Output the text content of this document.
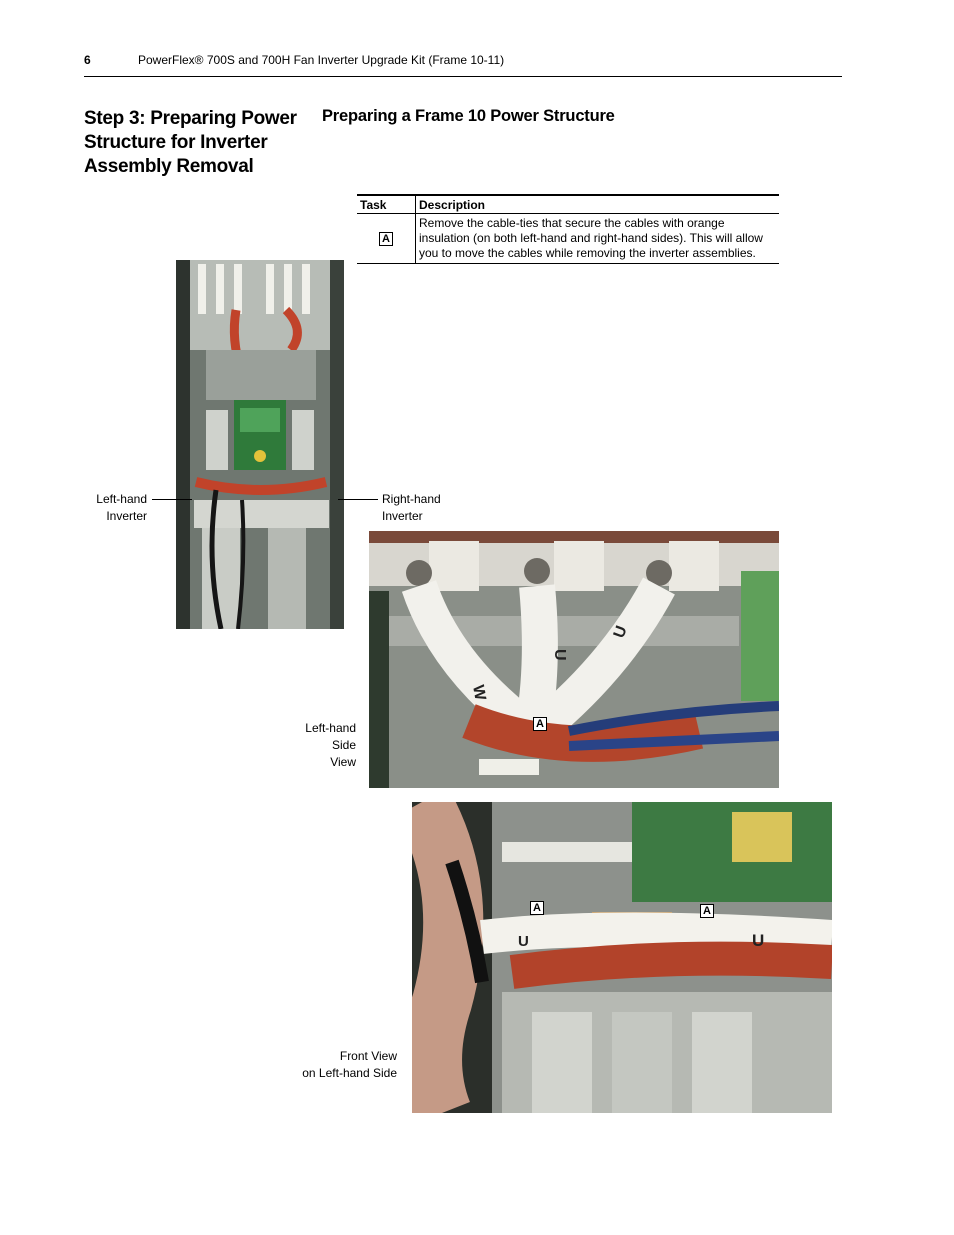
6	PowerFlex® 700S and 700H Fan Inverter Upgrade Kit (Frame 10-11)
Step 3: Preparing Power Structure for Inverter Assembly Removal
Preparing a Frame 10 Power Structure
Task	Description
A	Remove the cable-ties that secure the cables with orange insulation (on both left-hand and right-hand sides). This will allow you to move the cables while removing the inverter assemblies.
Left-hand
Inverter
Right-hand
Inverter
Left-hand
Side
View
W
U
U
A
Front View
on Left-hand Side
U	U
A	A
